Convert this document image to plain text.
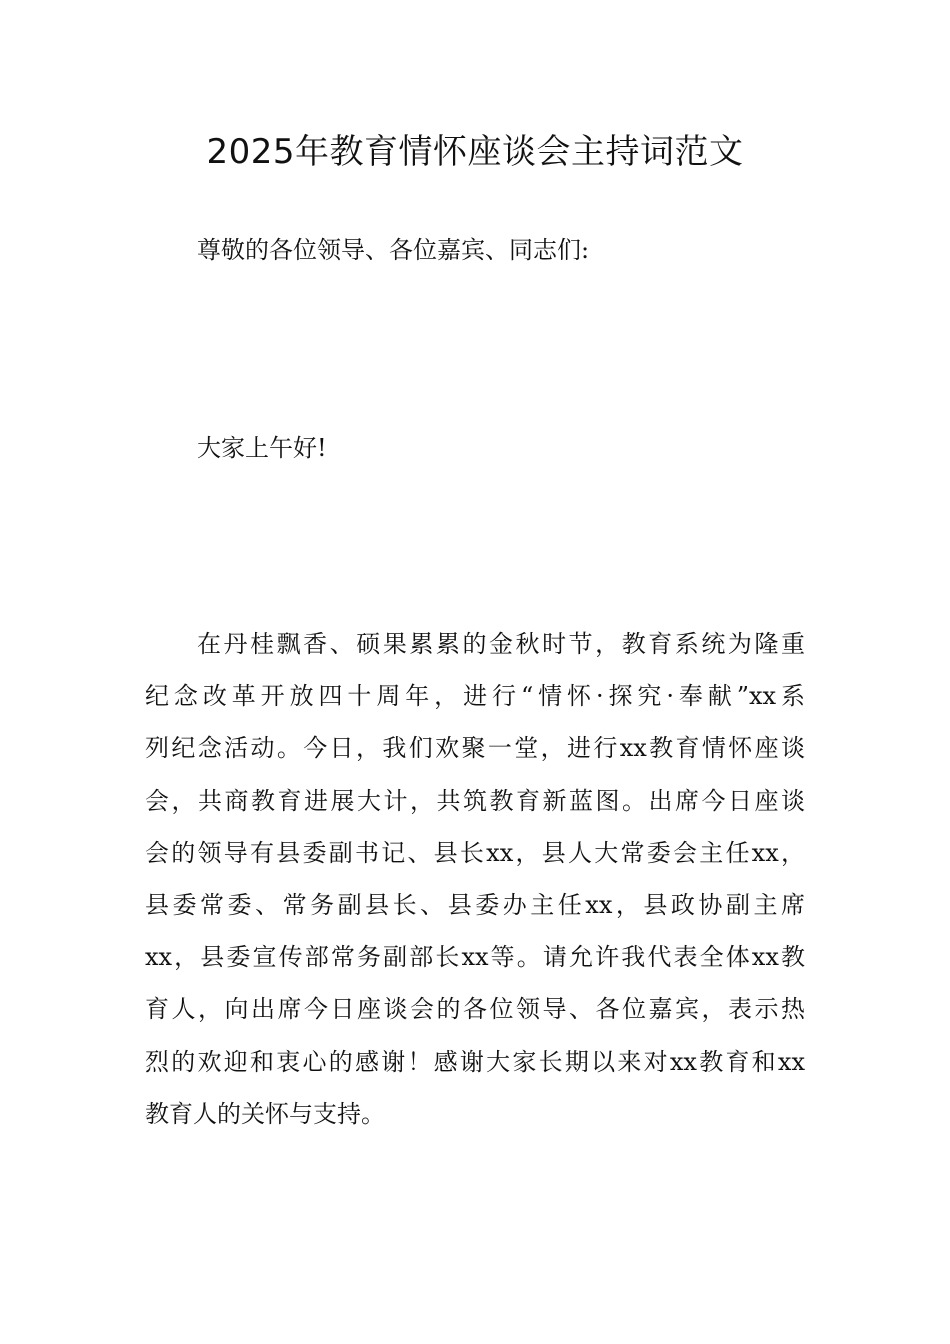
2025年教育情怀座谈会主持词范文
尊敬的各位领导、各位嘉宾、同志们:
大家上午好!
在丹桂飘香、硕果累累的金秋时节，教育系统为隆重
纪念改革开放四十周年，进行“情怀·探究·奉献”xx系
列纪念活动。今日，我们欢聚一堂，进行xx教育情怀座谈
会，共商教育进展大计，共筑教育新蓝图。出席今日座谈
会的领导有县委副书记、县长xx，县人大常委会主任xx，
县委常委、常务副县长、县委办主任xx，县政协副主席
xx，县委宣传部常务副部长xx等。请允许我代表全体xx教
育人，向出席今日座谈会的各位领导、各位嘉宾，表示热
烈的欢迎和衷心的感谢！感谢大家长期以来对xx教育和xx
教育人的关怀与支持。
